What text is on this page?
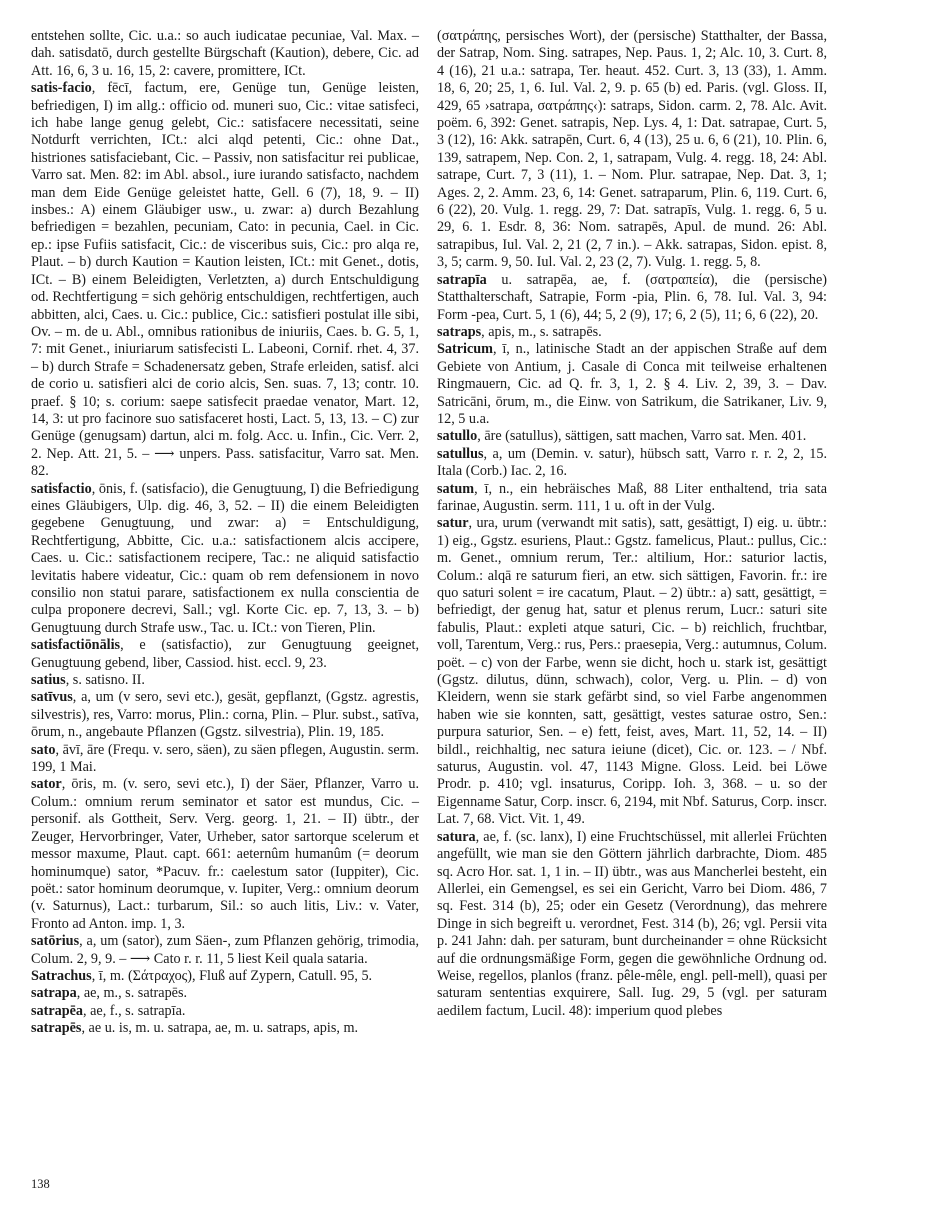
entstehen sollte, Cic. u.a.: so auch iudicatae pecuniae, Val. Max. – dah. satisdatō, durch gestellte Bürgschaft (Kaution), debere, Cic. ad Att. 16, 6, 3 u. 16, 15, 2: cavere, promittere, ICt.

satis-facio, fēcī, factum, ere, Genüge tun, Genüge leisten, befriedigen, I) im allg.: officio od. muneri suo, Cic.: vitae satisfeci, ich habe lange genug gelebt, Cic.: satisfacere necessitati, seine Notdurft verrichten, ICt.: alci alqd petenti, Cic.: ohne Dat., histriones satisfaciebant, Cic. – Passiv, non satisfacitur rei publicae, Varro sat. Men. 82: im Abl. absol., iure iurando satisfacto, nachdem man dem Eide Genüge geleistet hatte, Gell. 6 (7), 18, 9. – II) insbes.: A) einem Gläubiger usw., u. zwar: a) durch Bezahlung befriedigen = bezahlen, pecuniam, Cato: in pecunia, Cael. in Cic. ep.: ipse Fufiis satisfacit, Cic.: de visceribus suis, Cic.: pro alqa re, Plaut. – b) durch Kaution = Kaution leisten, ICt.: mit Genet., dotis, ICt. – B) einem Beleidigten, Verletzten, a) durch Entschuldigung od. Rechtfertigung = sich gehörig entschuldigen, rechtfertigen, auch abbitten, alci, Caes. u. Cic.: publice, Cic.: satisfieri postulat ille sibi, Ov. – m. de u. Abl., omnibus rationibus de iniuriis, Caes. b. G. 5, 1, 7: mit Genet., iniuriarum satisfecisti L. Labeoni, Cornif. rhet. 4, 37. – b) durch Strafe = Schadenersatz geben, Strafe erleiden, satisf. alci de corio u. satisfieri alci de corio alcis, Sen. suas. 7, 13; contr. 10. praef. § 10; s. corium: saepe satisfecit praedae venator, Mart. 12, 14, 3: ut pro facinore suo satisfaceret hosti, Lact. 5, 13, 13. – C) zur Genüge (genugsam) dartun, alci m. folg. Acc. u. Infin., Cic. Verr. 2, 2. Nep. Att. 21, 5. – ⟶ unpers. Pass. satisfacitur, Varro sat. Men. 82.

satisfactio, ōnis, f. (satisfacio), die Genugtuung, I) die Befriedigung eines Gläubigers, Ulp. dig. 46, 3, 52. – II) die einem Beleidigten gegebene Genugtuung, und zwar: a) = Entschuldigung, Rechtfertigung, Abbitte, Cic. u.a.: satisfactionem alcis accipere, Caes. u. Cic.: satisfactionem recipere, Tac.: ne aliquid satisfactio levitatis habere videatur, Cic.: quam ob rem defensionem in novo consilio non statui parare, satisfactionem ex nulla conscientia de culpa proponere decrevi, Sall.; vgl. Korte Cic. ep. 7, 13, 3. – b) Genugtuung durch Strafe usw., Tac. u. ICt.: von Tieren, Plin.

satisfactiōnālis, e (satisfactio), zur Genugtuung geeignet, Genugtuung gebend, liber, Cassiod. hist. eccl. 9, 23.

satius, s. satisno. II.

satīvus, a, um (v sero, sevi etc.), gesät, gepflanzt, (Ggstz. agrestis, silvestris), res, Varro: morus, Plin.: corna, Plin. – Plur. subst., satīva, ōrum, n., angebaute Pflanzen (Ggstz. silvestria), Plin. 19, 185.

sato, āvī, āre (Frequ. v. sero, säen), zu säen pflegen, Augustin. serm. 199, 1 Mai.

sator, ōris, m. (v. sero, sevi etc.), I) der Säer, Pflanzer, Varro u. Colum.: omnium rerum seminator et sator est mundus, Cic. – personif. als Gottheit, Serv. Verg. georg. 1, 21. – II) übtr., der Zeuger, Hervorbringer, Vater, Urheber, sator sartorque scelerum et messor maxume, Plaut. capt. 661: aeternûm humanûm (= deorum hominumque) sator, *Pacuv. fr.: caelestum sator (Iuppiter), Cic. poët.: sator hominum deorumque, v. Iupiter, Verg.: omnium deorum (v. Saturnus), Lact.: turbarum, Sil.: so auch litis, Liv.: v. Vater, Fronto ad Anton. imp. 1, 3.

satōrius, a, um (sator), zum Säen-, zum Pflanzen gehörig, trimodia, Colum. 2, 9, 9. – ⟶ Cato r. r. 11, 5 liest Keil quala sataria.

Satrachus, ī, m. (Σάτραχος), Fluß auf Zypern, Catull. 95, 5.

satrapa, ae, m., s. satrapēs.

satrapēa, ae, f., s. satrapīa.

satrapēs, ae u. is, m. u. satrapa, ae, m. u. satraps, apis, m.

(σατράπης, persisches Wort), der (persische) Statthalter, der Bassa, der Satrap, Nom. Sing. satrapes, Nep. Paus. 1, 2; Alc. 10, 3. Curt. 8, 4 (16), 21 u.a.: satrapa, Ter. heaut. 452. Curt. 3, 13 (33), 1. Amm. 18, 6, 20; 25, 1, 6. Iul. Val. 2, 9. p. 65 (b) ed. Paris. (vgl. Gloss. II, 429, 65 ›satrapa, σατράπης‹): satraps, Sidon. carm. 2, 78. Alc. Avit. poëm. 6, 392: Genet. satrapis, Nep. Lys. 4, 1: Dat. satrapae, Curt. 5, 3 (12), 16: Akk. satrapēn, Curt. 6, 4 (13), 25 u. 6, 6 (21), 10. Plin. 6, 139, satrapem, Nep. Con. 2, 1, satrapam, Vulg. 4. regg. 18, 24: Abl. satrape, Curt. 7, 3 (11), 1. – Nom. Plur. satrapae, Nep. Dat. 3, 1; Ages. 2, 2. Amm. 23, 6, 14: Genet. satraparum, Plin. 6, 119. Curt. 6, 6 (22), 20. Vulg. 1. regg. 29, 7: Dat. satrapīs, Vulg. 1. regg. 6, 5 u. 29, 6. 1. Esdr. 8, 36: Nom. satrapēs, Apul. de mund. 26: Abl. satrapibus, Iul. Val. 2, 21 (2, 7 in.). – Akk. satrapas, Sidon. epist. 8, 3, 5; carm. 9, 50. Iul. Val. 2, 23 (2, 7). Vulg. 1. regg. 5, 8.

satrapīa u. satrapēa, ae, f. (σατραπεία), die (persische) Statthalterschaft, Satrapie, Form -pia, Plin. 6, 78. Iul. Val. 3, 94: Form -pea, Curt. 5, 1 (6), 44; 5, 2 (9), 17; 6, 2 (5), 11; 6, 6 (22), 20.

satraps, apis, m., s. satrapēs.

Satricum, ī, n., latinische Stadt an der appischen Straße auf dem Gebiete von Antium, j. Casale di Conca mit teilweise erhaltenen Ringmauern, Cic. ad Q. fr. 3, 1, 2. § 4. Liv. 2, 39, 3. – Dav. Satricāni, ōrum, m., die Einw. von Satrikum, die Satrikaner, Liv. 9, 12, 5 u.a.

satullo, āre (satullus), sättigen, satt machen, Varro sat. Men. 401.

satullus, a, um (Demin. v. satur), hübsch satt, Varro r. r. 2, 2, 15. Itala (Corb.) Iac. 2, 16.

satum, ī, n., ein hebräisches Maß, 88 Liter enthaltend, tria sata farinae, Augustin. serm. 111, 1 u. oft in der Vulg.

satur, ura, urum (verwandt mit satis), satt, gesättigt, I) eig. u. übtr.: 1) eig., Ggstz. esuriens, Plaut.: Ggstz. famelicus, Plaut.: pullus, Cic.: m. Genet., omnium rerum, Ter.: altilium, Hor.: saturior lactis, Colum.: alqā re saturum fieri, an etw. sich sättigen, Favorin. fr.: ire quo saturi solent = ire cacatum, Plaut. – 2) übtr.: a) satt, gesättigt, = befriedigt, der genug hat, satur et plenus rerum, Lucr.: saturi site fabulis, Plaut.: expleti atque saturi, Cic. – b) reichlich, fruchtbar, voll, Tarentum, Verg.: rus, Pers.: praesepia, Verg.: autumnus, Colum. poët. – c) von der Farbe, wenn sie dicht, hoch u. stark ist, gesättigt (Ggstz. dilutus, dünn, schwach), color, Verg. u. Plin. – d) von Kleidern, wenn sie stark gefärbt sind, so viel Farbe angenommen haben wie sie konnten, satt, gesättigt, vestes saturae ostro, Sen.: purpura saturior, Sen. – e) fett, feist, aves, Mart. 11, 52, 14. – II) bildl., reichhaltig, nec satura ieiune (dicet), Cic. or. 123. – / Nbf. saturus, Augustin. vol. 47, 1143 Migne. Gloss. Leid. bei Löwe Prodr. p. 410; vgl. insaturus, Coripp. Ioh. 3, 368. – u. so der Eigenname Satur, Corp. inscr. 6, 2194, mit Nbf. Saturus, Corp. inscr. Lat. 7, 68. Vict. Vit. 1, 49.

satura, ae, f. (sc. lanx), I) eine Fruchtschüssel, mit allerlei Früchten angefüllt, wie man sie den Göttern jährlich darbrachte, Diom. 485 sq. Acro Hor. sat. 1, 1 in. – II) übtr., was aus Mancherlei besteht, ein Allerlei, ein Gemengsel, es sei ein Gericht, Varro bei Diom. 486, 7 sq. Fest. 314 (b), 25; oder ein Gesetz (Verordnung), das mehrere Dinge in sich begreift u. verordnet, Fest. 314 (b), 26; vgl. Persii vita p. 241 Jahn: dah. per saturam, bunt durcheinander = ohne Rücksicht auf die ordnungsmäßige Form, gegen die gewöhnliche Ordnung od. Weise, regellos, planlos (franz. pêle-mêle, engl. pell-mell), quasi per saturam sententias exquirere, Sall. Iug. 29, 5 (vgl. per saturam aedilem factum, Lucil. 48): imperium quod plebes

138
